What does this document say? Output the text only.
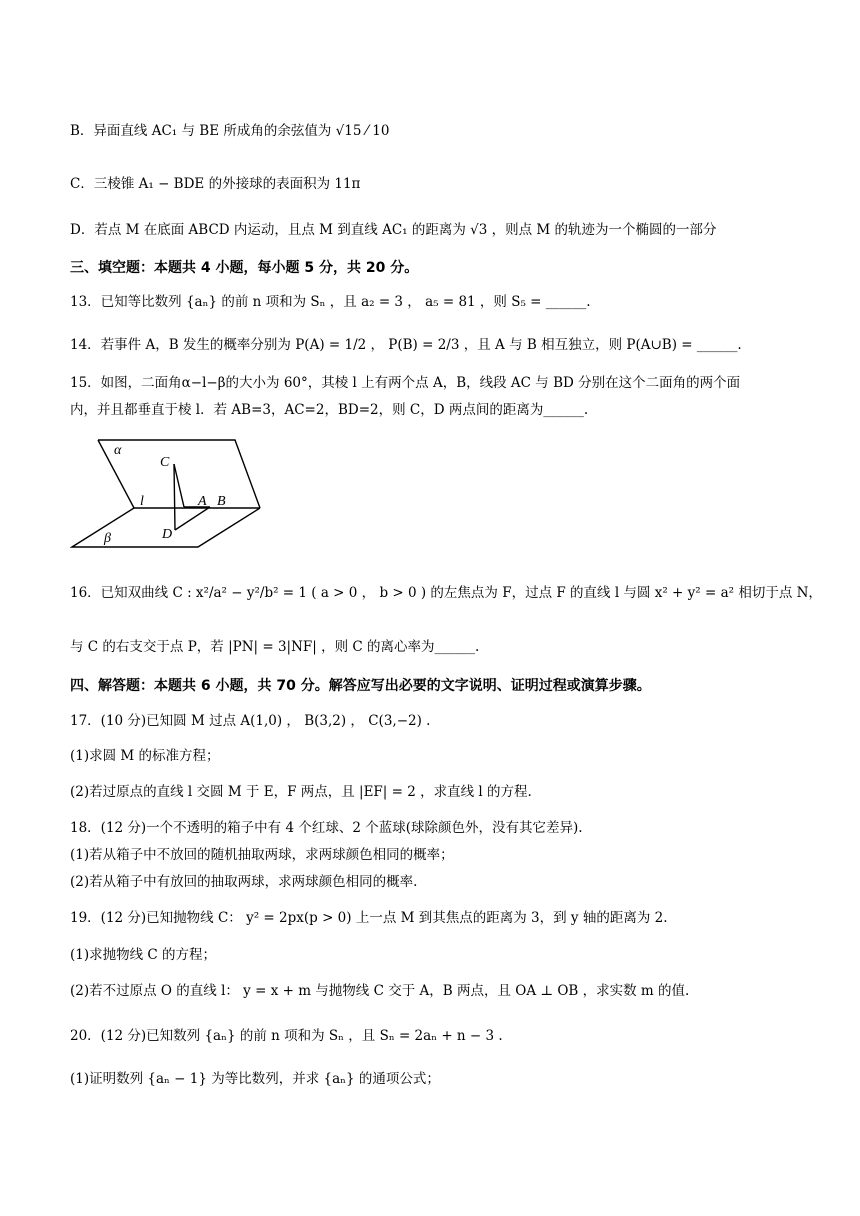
B．异面直线 AC₁ 与 BE 所成角的余弦值为 √15 ⁄ 10
C．三棱锥 A₁ − BDE 的外接球的表面积为 11π
D．若点 M 在底面 ABCD 内运动，且点 M 到直线 AC₁ 的距离为 √3 ，则点 M 的轨迹为一个椭圆的一部分
三、填空题：本题共 4 小题，每小题 5 分，共 20 分。
13．已知等比数列 {aₙ} 的前 n 项和为 Sₙ ，且 a₂ = 3 ， a₅ = 81 ，则 S₅ = ______.
14．若事件 A，B 发生的概率分别为 P(A) = 1/2 ， P(B) = 2/3 ，且 A 与 B 相互独立，则 P(A∪B) = ______.
15．如图，二面角α−l−β的大小为 60°，其棱 l 上有两个点 A，B，线段 AC 与 BD 分别在这个二面角的两个面
内，并且都垂直于棱 l．若 AB=3，AC=2，BD=2，则 C，D 两点间的距离为______.
α
C
l	A B
β	D
16．已知双曲线 C : x²/a² − y²/b² = 1 ( a > 0 ， b > 0 ) 的左焦点为 F，过点 F 的直线 l 与圆 x² + y² = a² 相切于点 N，
与 C 的右支交于点 P，若 |PN| = 3|NF| ，则 C 的离心率为______.
四、解答题：本题共 6 小题，共 70 分。解答应写出必要的文字说明、证明过程或演算步骤。
17．(10 分)已知圆 M 过点 A(1,0) ， B(3,2) ， C(3,−2) .
(1)求圆 M 的标准方程；
(2)若过原点的直线 l 交圆 M 于 E，F 两点，且 |EF| = 2 ，求直线 l 的方程.
18．(12 分)一个不透明的箱子中有 4 个红球、2 个蓝球(球除颜色外，没有其它差异).
(1)若从箱子中不放回的随机抽取两球，求两球颜色相同的概率；
(2)若从箱子中有放回的抽取两球，求两球颜色相同的概率.
19．(12 分)已知抛物线 C： y² = 2px(p > 0) 上一点 M 到其焦点的距离为 3，到 y 轴的距离为 2.
(1)求抛物线 C 的方程；
(2)若不过原点 O 的直线 l： y = x + m 与抛物线 C 交于 A，B 两点，且 OA ⊥ OB ，求实数 m 的值.
20．(12 分)已知数列 {aₙ} 的前 n 项和为 Sₙ ，且 Sₙ = 2aₙ + n − 3 .
(1)证明数列 {aₙ − 1} 为等比数列，并求 {aₙ} 的通项公式；
